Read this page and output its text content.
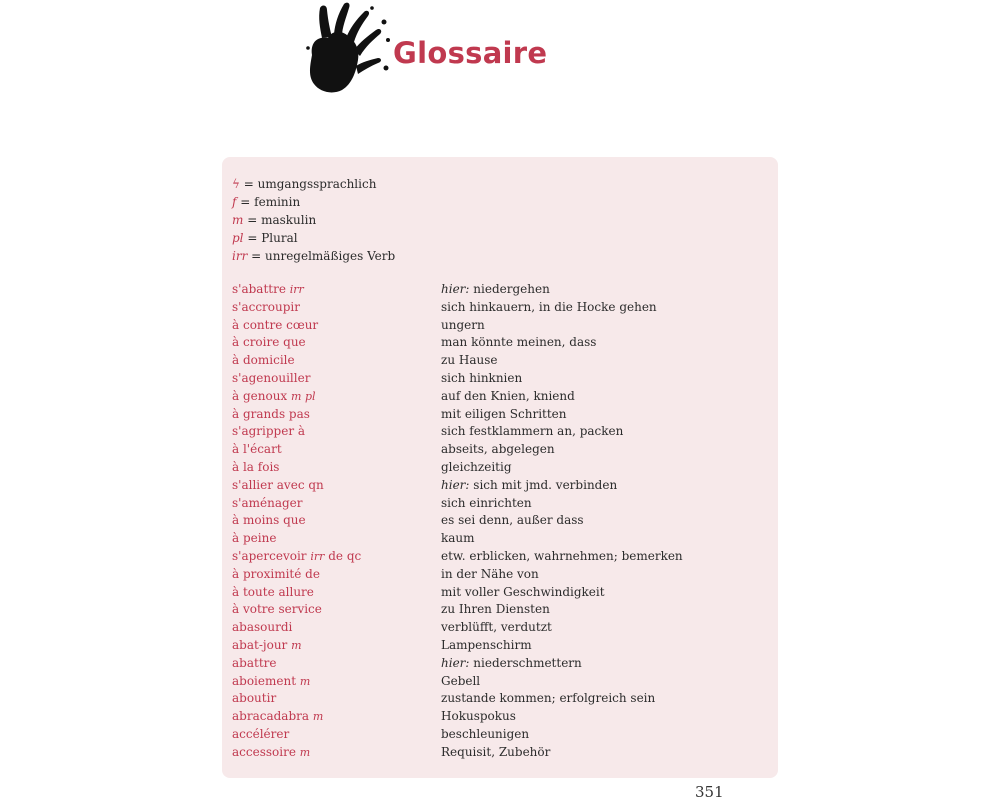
Glossaire
ϟ = umgangssprachlich
f = feminin
m = maskulin
pl = Plural
irr = unregelmäßiges Verb
s'abattre irr	hier: niedergehen
s'accroupir	sich hinkauern, in die Hocke gehen
à contre cœur	ungern
à croire que	man könnte meinen, dass
à domicile	zu Hause
s'agenouiller	sich hinknien
à genoux m pl	auf den Knien, kniend
à grands pas	mit eiligen Schritten
s'agripper à	sich festklammern an, packen
à l'écart	abseits, abgelegen
à la fois	gleichzeitig
s'allier avec qn	hier: sich mit jmd. verbinden
s'aménager	sich einrichten
à moins que	es sei denn, außer dass
à peine	kaum
s'apercevoir irr de qc	etw. erblicken, wahrnehmen; bemerken
à proximité de	in der Nähe von
à toute allure	mit voller Geschwindigkeit
à votre service	zu Ihren Diensten
abasourdi	verblüfft, verdutzt
abat-jour m	Lampenschirm
abattre	hier: niederschmettern
aboiement m	Gebell
aboutir	zustande kommen; erfolgreich sein
abracadabra m	Hokuspokus
accélérer	beschleunigen
accessoire m	Requisit, Zubehör
351
